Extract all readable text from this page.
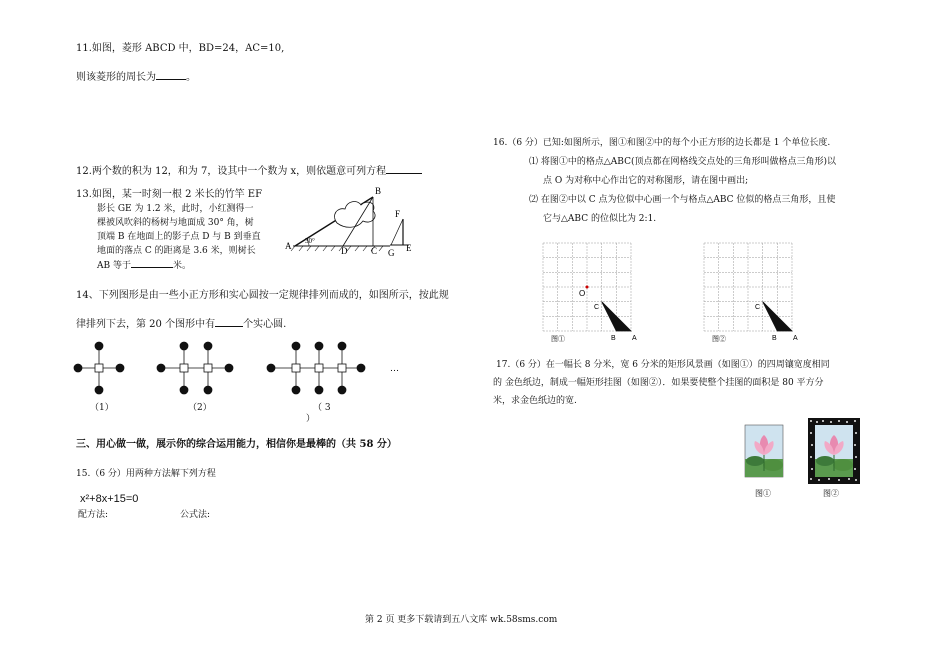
11.如图，菱形 ABCD 中，BD=24，AC=10,
则该菱形的周长为	。
12.两个数的积为 12，和为 7，设其中一个数为 x，则依题意可列方程
13.如图，某一时刻一根 2 米长的竹竿 EF
影长 GE 为 1.2 米，此时，小红测得一
棵被风吹斜的杨树与地面成 30° 角，树
顶端 B 在地面上的影子点 D 与 B 到垂直
地面的落点 C 的距离是 3.6 米，则树长
AB 等于	米。
A 30°
B
D	C
F
E
G
14、下列图形是由一些小正方形和实心圆按一定规律排列而成的，如图所示，按此规
律排列下去，第 20 个图形中有	个实心圆.
…
（1）	（2）	（ 3
）
三、用心做一做，展示你的综合运用能力，相信你是最棒的（共 58 分）
15.（6 分）用两种方法解下列方程
x²+8x+15=0
配方法:	公式法:
16.（6 分）已知:如图所示，图①和图②中的每个小正方形的边长都是 1 个单位长度.
⑴ 将图①中的格点△ABC(顶点都在网格线交点处的三角形叫做格点三角形)以
点 O 为对称中心作出它的对称图形，请在图中画出;
⑵ 在图②中以 C 点为位似中心画一个与格点△ABC 位似的格点三角形，且使
它与△ABC 的位似比为 2:1.
O
C
B A
图①
C
B A
图②
17.（6 分）在一幅长 8 分米，宽 6 分米的矩形风景画（如图①）的四周镶宽度相同
的 金色纸边，制成一幅矩形挂图（如图②）．如果要使整个挂图的面积是 80 平方分
米，求金色纸边的宽.
图①	图②
第 2 页 更多下载请到五八文库 wk.58sms.com
